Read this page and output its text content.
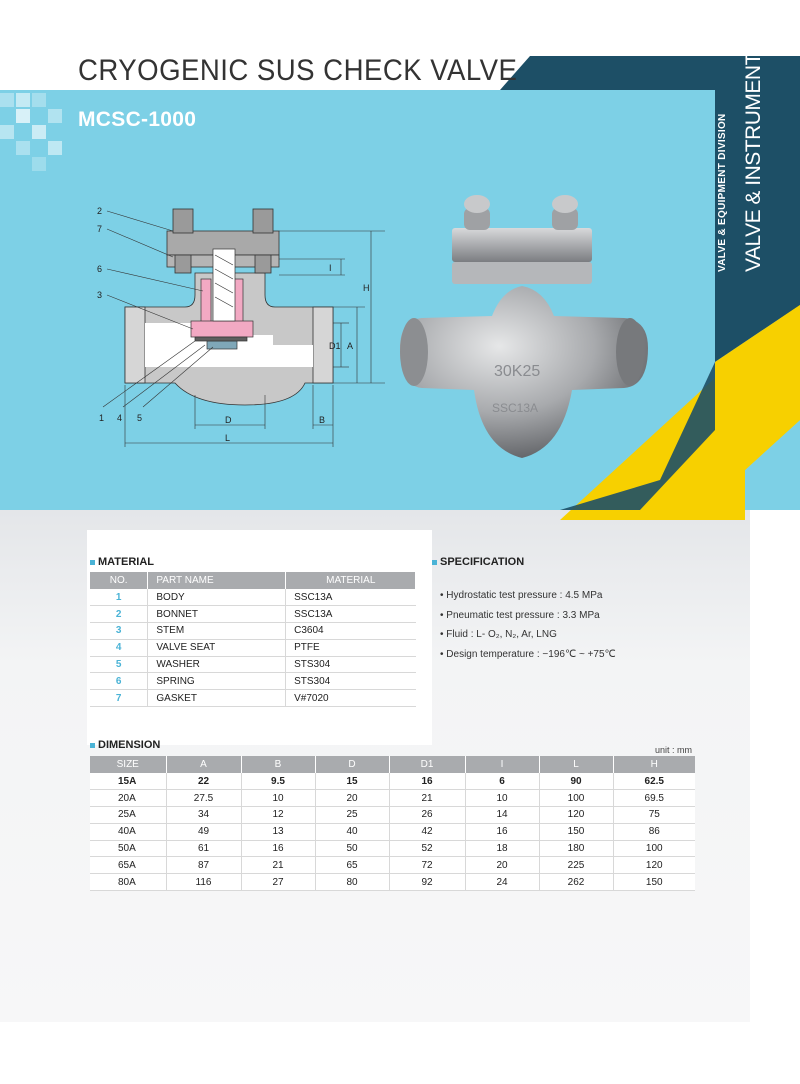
CRYOGENIC SUS CHECK VALVE
MCSC-1000	VALVE & EQUIPMENT DIVISION VALVE & INSTRUMENTS
2
7
6
3
1 4 5
I
H
D1 A
D	B
L
30K25
SSC13A
MATERIAL
NO.	PART NAME	MATERIAL
1	BODY	SSC13A
2	BONNET	SSC13A
3	STEM	C3604
4	VALVE SEAT	PTFE
5	WASHER	STS304
6	SPRING	STS304
7	GASKET	V#7020
SPECIFICATION
• Hydrostatic test pressure : 4.5 MPa
• Pneumatic test pressure : 3.3 MPa
• Fluid : L- O₂, N₂, Ar, LNG
• Design temperature : −196℃ ~ +75℃
DIMENSION	unit : mm
SIZE	A	B	D	D1	I	L	H
15A	22	9.5	15	16	6	90	62.5
20A	27.5	10	20	21	10	100	69.5
25A	34	12	25	26	14	120	75
40A	49	13	40	42	16	150	86
50A	61	16	50	52	18	180	100
65A	87	21	65	72	20	225	120
80A	116	27	80	92	24	262	150
